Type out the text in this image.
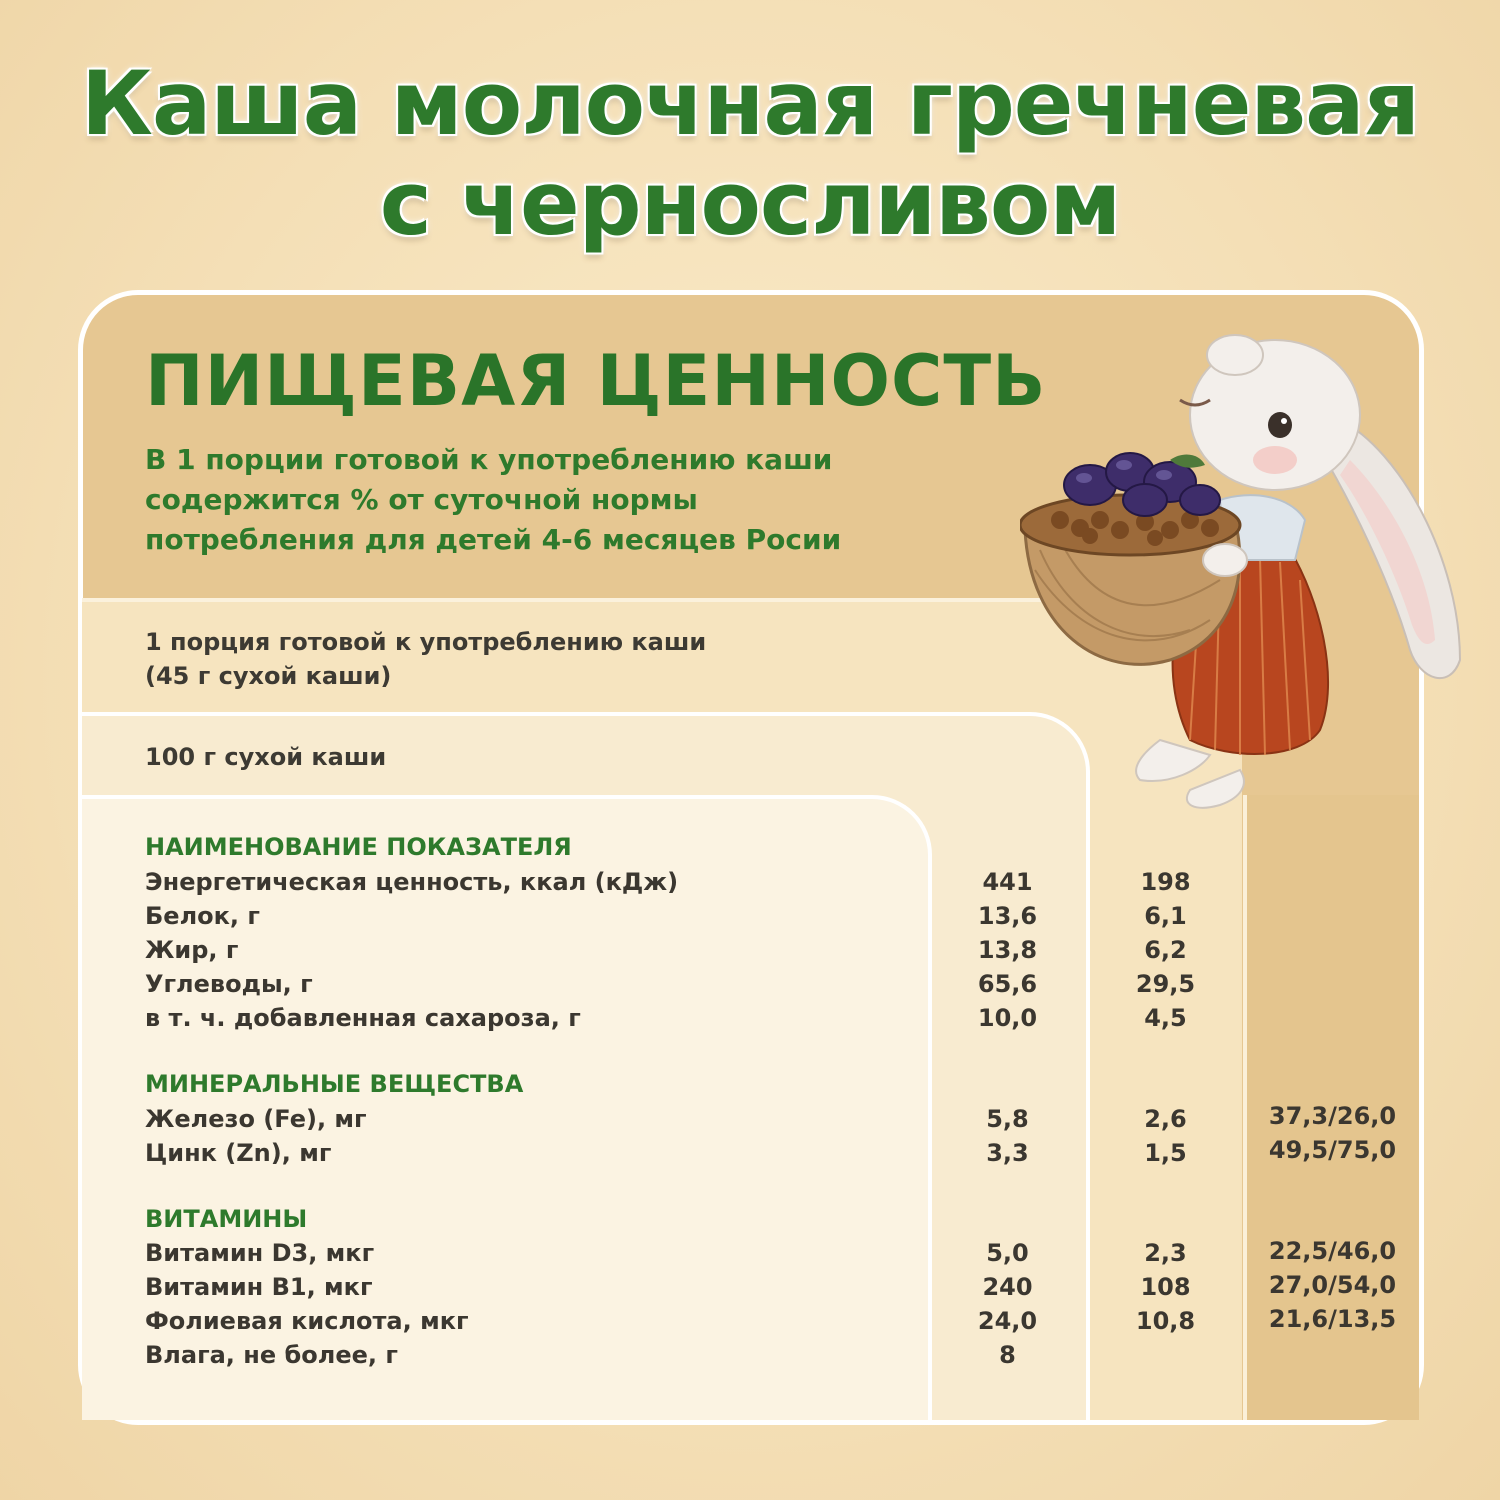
Каша молочная гречневая
с черносливом
ПИЩЕВАЯ ЦЕННОСТЬ
В 1 порции готовой к употреблению каши
содержится % от суточной нормы
потребления для детей 4-6 месяцев Росии
1 порция готовой к употреблению каши
(45 г сухой каши)
100 г сухой каши
НАИМЕНОВАНИЕ ПОКАЗАТЕЛЯ
Энергетическая ценность, ккал (кДж)	441	198
Белок, г	13,6	6,1
Жир, г	13,8	6,2
Углеводы, г	65,6	29,5
в т. ч. добавленная сахароза, г	10,0	4,5
МИНЕРАЛЬНЫЕ ВЕЩЕСТВА
Железо (Fe), мг	5,8	2,6	37,3/26,0
Цинк (Zn), мг	3,3	1,5	49,5/75,0
ВИТАМИНЫ
Витамин D3, мкг	5,0	2,3	22,5/46,0
Витамин B1, мкг	240	108	27,0/54,0
Фолиевая кислота, мкг	24,0	10,8	21,6/13,5
Влага, не более, г	8
